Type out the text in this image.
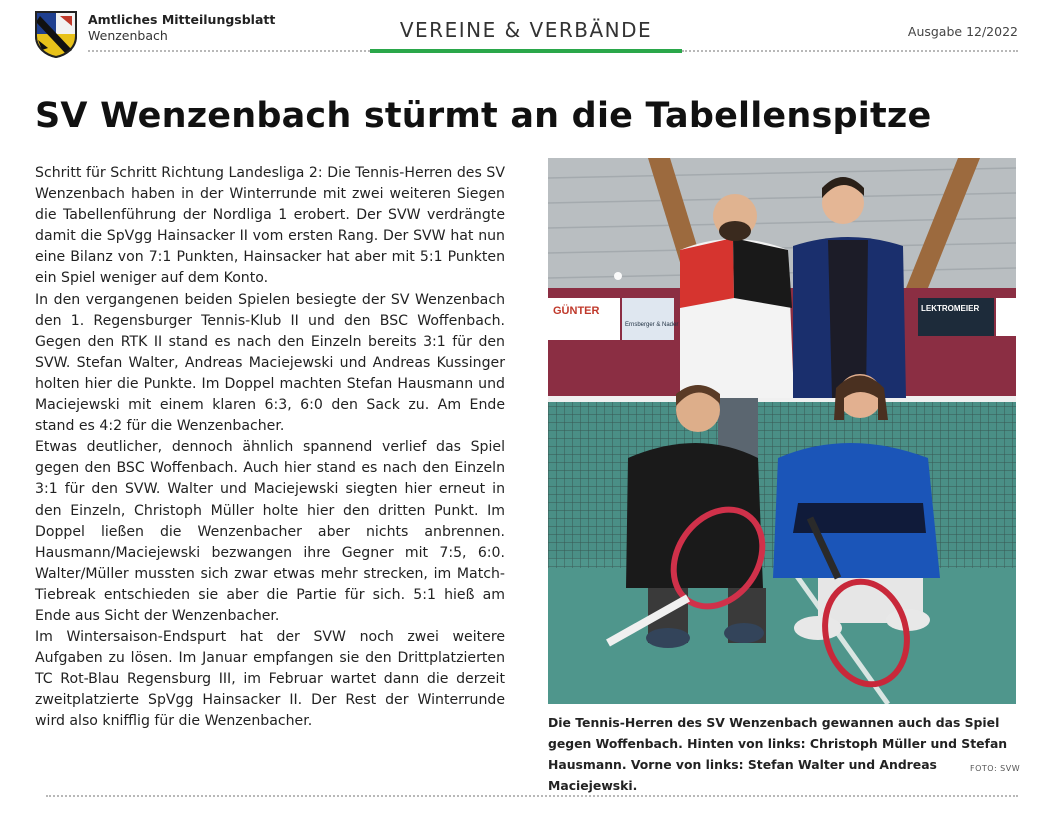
Amtliches Mitteilungsblatt
Wenzenbach	VEREINE & VERBÄNDE	Ausgabe 12/2022
SV Wenzenbach stürmt an die Tabellenspitze

Schritt für Schritt Richtung Landesliga 2: Die Tennis-Herren des SV Wenzenbach haben in der Winterrunde mit zwei weiteren Siegen die Tabellenführung der Nordliga 1 erobert. Der SVW verdrängte damit die SpVgg Hainsacker II vom ersten Rang. Der SVW hat nun eine Bilanz von 7:1 Punkten, Hainsacker hat aber mit 5:1 Punkten ein Spiel weniger auf dem Konto.

In den vergangenen beiden Spielen besiegte der SV Wenzenbach den 1. Regensburger Tennis-Klub II und den BSC Woffenbach. Gegen den RTK II stand es nach den Einzeln bereits 3:1 für den SVW. Stefan Walter, Andreas Maciejewski und Andreas Kussinger holten hier die Punkte. Im Doppel machten Stefan Hausmann und Maciejewski mit einem klaren 6:3, 6:0 den Sack zu. Am Ende stand es 4:2 für die Wenzenbacher.

Etwas deutlicher, dennoch ähnlich spannend verlief das Spiel gegen den BSC Woffenbach. Auch hier stand es nach den Einzeln 3:1 für den SVW. Walter und Maciejewski siegten hier erneut in den Einzeln, Christoph Müller holte hier den dritten Punkt. Im Doppel ließen die Wenzenbacher aber nichts anbrennen. Hausmann/Maciejewski bezwangen ihre Gegner mit 7:5, 6:0. Walter/Müller mussten sich zwar etwas mehr strecken, im Match-Tiebreak entschieden sie aber die Partie für sich. 5:1 hieß am Ende aus Sicht der Wenzenbacher.

Im Wintersaison-Endspurt hat der SVW noch zwei weitere Aufgaben zu lösen. Im Januar empfangen sie den Drittplatzierten TC Rot-Blau Regensburg III, im Februar wartet dann die derzeit zweitplatzierte SpVgg Hainsacker II. Der Rest der Winterrunde wird also knifflig für die Wenzenbacher.

GÜNTER
Ernsberger & Nader
LEKTROMEIER
Die Tennis-Herren des SV Wenzenbach gewannen auch das Spiel gegen Woffenbach. Hinten von links: Christoph Müller und Stefan Hausmann. Vorne von links: Stefan Walter und Andreas Maciejewski.
FOTO: SVW
